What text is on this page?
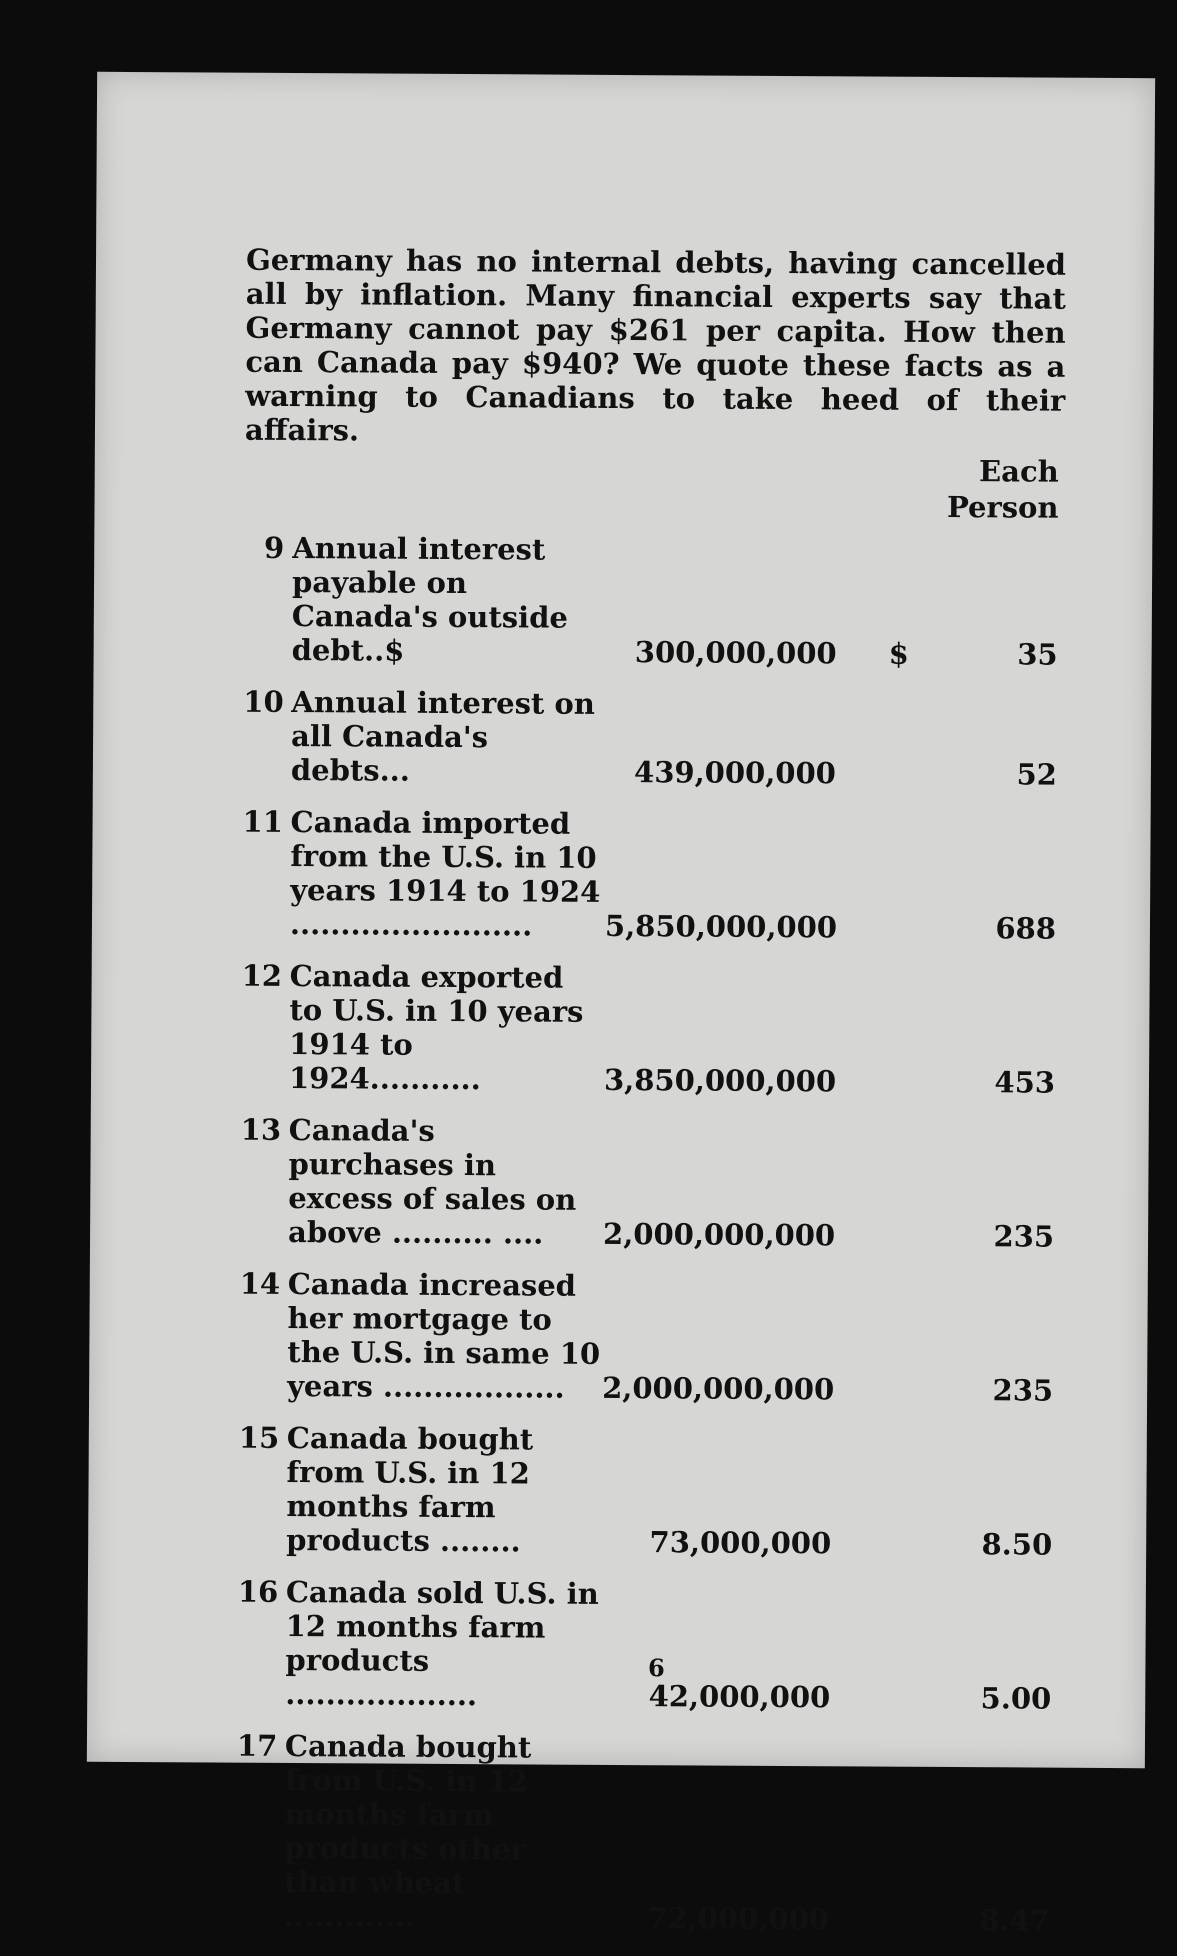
Germany has no internal debts, having cancelled all by inflation. Many financial experts say that Germany cannot pay $261 per capita. How then can Canada pay $940? We quote these facts as a warning to Canadians to take heed of their affairs.

Each
Person
9 Annual interest payable on Canada's outside debt..$	300,000,000	$	35
10 Annual interest on all Canada's debts...	439,000,000	52
11 Canada imported from the U.S. in 10 years 1914 to 1924 ........................	5,850,000,000	688
12 Canada exported to U.S. in 10 years 1914 to 1924...........	3,850,000,000	453
13 Canada's purchases in excess of sales on above .......... ....	2,000,000,000	235
14 Canada increased her mortgage to the U.S. in same 10 years ..................	2,000,000,000	235
15 Canada bought from U.S. in 12 months farm products ........	73,000,000	8.50
16 Canada sold U.S. in 12 months farm products ...................	42,000,000	5.00
17 Canada bought from U.S. in 12 months farm products other than wheat .............	72,000,000	8.47
6
